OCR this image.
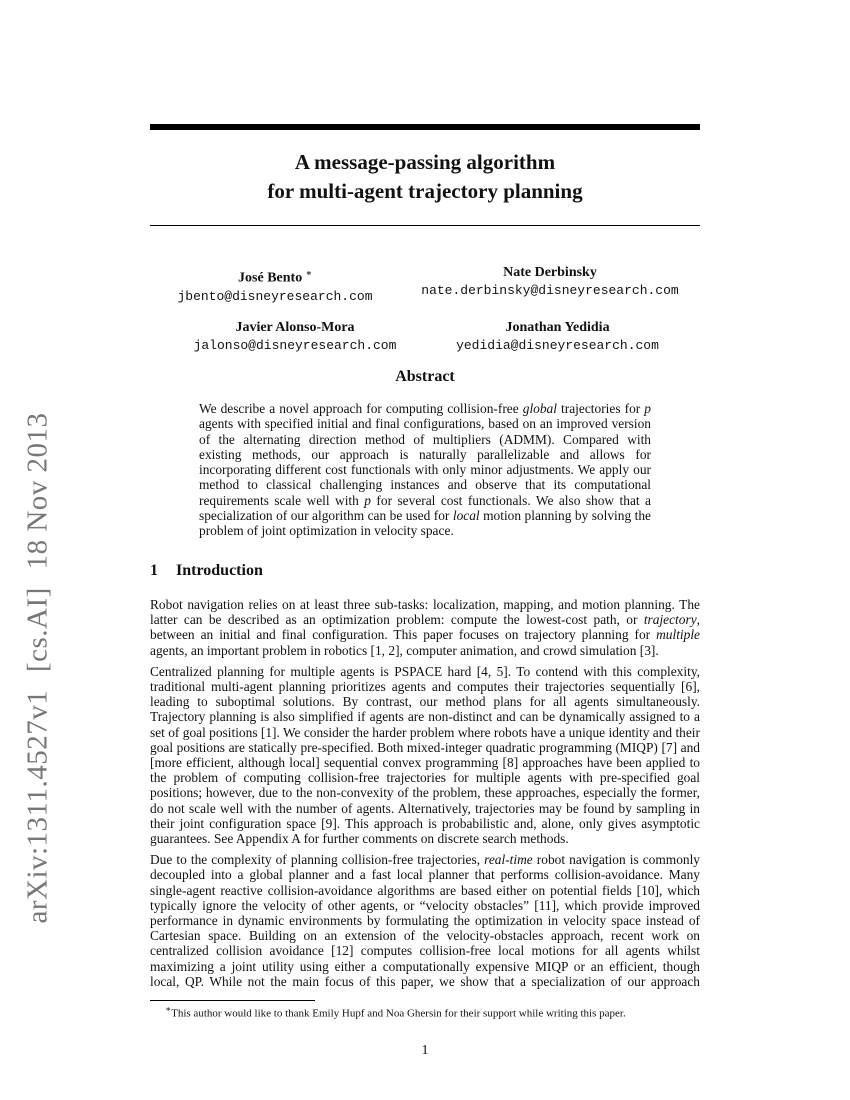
arXiv:1311.4527v1 [cs.AI] 18 Nov 2013
A message-passing algorithm
for multi-agent trajectory planning
José Bento ∗
jbento@disneyresearch.com
Nate Derbinsky
nate.derbinsky@disneyresearch.com
Javier Alonso-Mora
jalonso@disneyresearch.com
Jonathan Yedidia
yedidia@disneyresearch.com
Abstract
We describe a novel approach for computing collision-free global trajectories for p agents with specified initial and final configurations, based on an improved version of the alternating direction method of multipliers (ADMM). Compared with existing methods, our approach is naturally parallelizable and allows for incorporating different cost functionals with only minor adjustments. We apply our method to classical challenging instances and observe that its computational requirements scale well with p for several cost functionals. We also show that a specialization of our algorithm can be used for local motion planning by solving the problem of joint optimization in velocity space.
1 Introduction

Robot navigation relies on at least three sub-tasks: localization, mapping, and motion planning. The latter can be described as an optimization problem: compute the lowest-cost path, or trajectory, between an initial and final configuration. This paper focuses on trajectory planning for multiple agents, an important problem in robotics [1, 2], computer animation, and crowd simulation [3].

Centralized planning for multiple agents is PSPACE hard [4, 5]. To contend with this complexity, traditional multi-agent planning prioritizes agents and computes their trajectories sequentially [6], leading to suboptimal solutions. By contrast, our method plans for all agents simultaneously. Trajectory planning is also simplified if agents are non-distinct and can be dynamically assigned to a set of goal positions [1]. We consider the harder problem where robots have a unique identity and their goal positions are statically pre-specified. Both mixed-integer quadratic programming (MIQP) [7] and [more efficient, although local] sequential convex programming [8] approaches have been applied to the problem of computing collision-free trajectories for multiple agents with pre-specified goal positions; however, due to the non-convexity of the problem, these approaches, especially the former, do not scale well with the number of agents. Alternatively, trajectories may be found by sampling in their joint configuration space [9]. This approach is probabilistic and, alone, only gives asymptotic guarantees. See Appendix A for further comments on discrete search methods.

Due to the complexity of planning collision-free trajectories, real-time robot navigation is commonly decoupled into a global planner and a fast local planner that performs collision-avoidance. Many single-agent reactive collision-avoidance algorithms are based either on potential fields [10], which typically ignore the velocity of other agents, or “velocity obstacles” [11], which provide improved performance in dynamic environments by formulating the optimization in velocity space instead of Cartesian space. Building on an extension of the velocity-obstacles approach, recent work on centralized collision avoidance [12] computes collision-free local motions for all agents whilst maximizing a joint utility using either a computationally expensive MIQP or an efficient, though local, QP. While not the main focus of this paper, we show that a specialization of our approach

∗This author would like to thank Emily Hupf and Noa Ghersin for their support while writing this paper.
1
